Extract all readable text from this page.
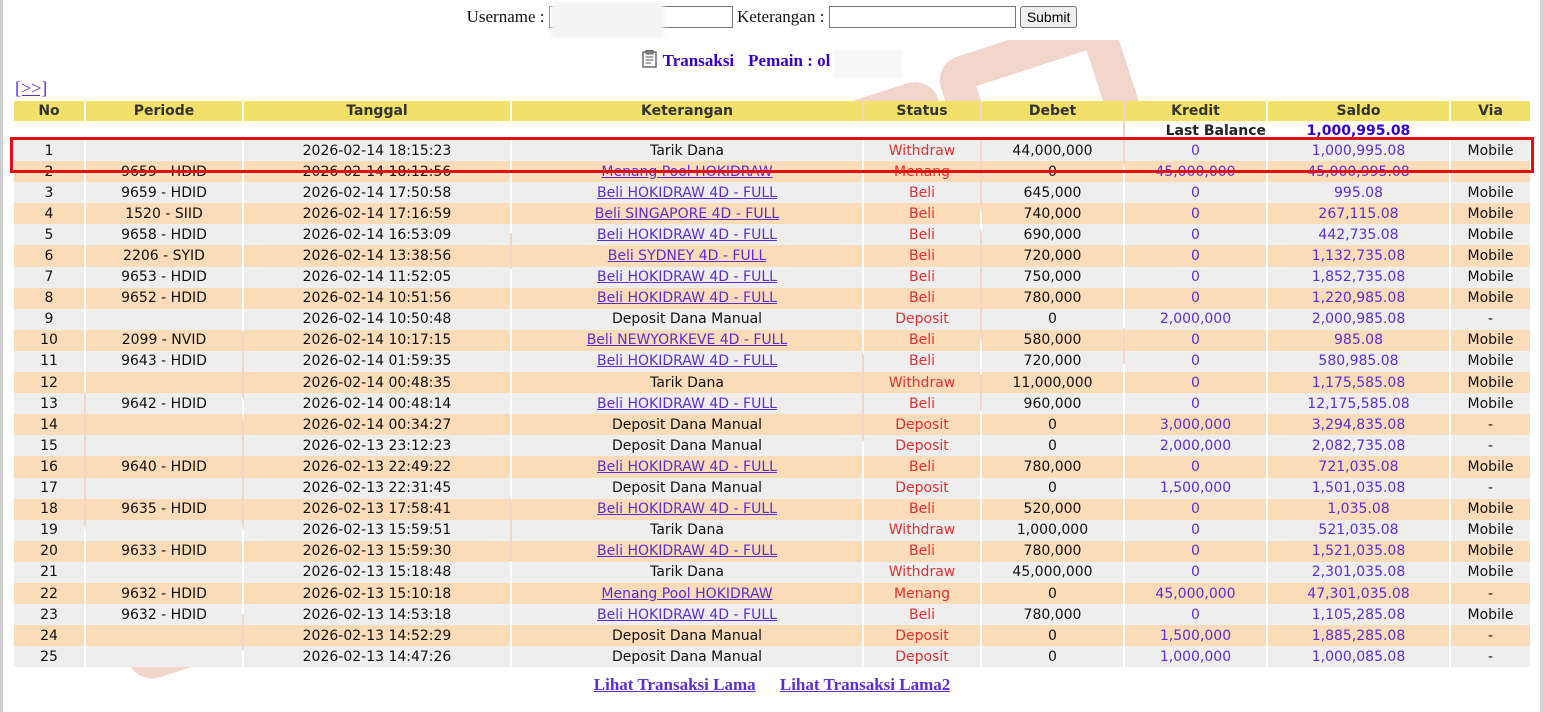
Username :	Keterangan :	Submit
Transaksi Pemain : ol
[>>]
No	Periode	Tanggal	Keterangan	Status	Debet	Kredit	Saldo	Via
						Last Balance	1,000,995.08	
1		2026-02-14 18:15:23	Tarik Dana	Withdraw	44,000,000	0	1,000,995.08	Mobile
2	9659 - HDID	2026-02-14 18:12:56	Menang Pool HOKIDRAW	Menang	0	45,000,000	45,000,995.08	-
3	9659 - HDID	2026-02-14 17:50:58	Beli HOKIDRAW 4D - FULL	Beli	645,000	0	995.08	Mobile
4	1520 - SIID	2026-02-14 17:16:59	Beli SINGAPORE 4D - FULL	Beli	740,000	0	267,115.08	Mobile
5	9658 - HDID	2026-02-14 16:53:09	Beli HOKIDRAW 4D - FULL	Beli	690,000	0	442,735.08	Mobile
6	2206 - SYID	2026-02-14 13:38:56	Beli SYDNEY 4D - FULL	Beli	720,000	0	1,132,735.08	Mobile
7	9653 - HDID	2026-02-14 11:52:05	Beli HOKIDRAW 4D - FULL	Beli	750,000	0	1,852,735.08	Mobile
8	9652 - HDID	2026-02-14 10:51:56	Beli HOKIDRAW 4D - FULL	Beli	780,000	0	1,220,985.08	Mobile
9		2026-02-14 10:50:48	Deposit Dana Manual	Deposit	0	2,000,000	2,000,985.08	-
10	2099 - NVID	2026-02-14 10:17:15	Beli NEWYORKEVE 4D - FULL	Beli	580,000	0	985.08	Mobile
11	9643 - HDID	2026-02-14 01:59:35	Beli HOKIDRAW 4D - FULL	Beli	720,000	0	580,985.08	Mobile
12		2026-02-14 00:48:35	Tarik Dana	Withdraw	11,000,000	0	1,175,585.08	Mobile
13	9642 - HDID	2026-02-14 00:48:14	Beli HOKIDRAW 4D - FULL	Beli	960,000	0	12,175,585.08	Mobile
14		2026-02-14 00:34:27	Deposit Dana Manual	Deposit	0	3,000,000	3,294,835.08	-
15		2026-02-13 23:12:23	Deposit Dana Manual	Deposit	0	2,000,000	2,082,735.08	-
16	9640 - HDID	2026-02-13 22:49:22	Beli HOKIDRAW 4D - FULL	Beli	780,000	0	721,035.08	Mobile
17		2026-02-13 22:31:45	Deposit Dana Manual	Deposit	0	1,500,000	1,501,035.08	-
18	9635 - HDID	2026-02-13 17:58:41	Beli HOKIDRAW 4D - FULL	Beli	520,000	0	1,035.08	Mobile
19		2026-02-13 15:59:51	Tarik Dana	Withdraw	1,000,000	0	521,035.08	Mobile
20	9633 - HDID	2026-02-13 15:59:30	Beli HOKIDRAW 4D - FULL	Beli	780,000	0	1,521,035.08	Mobile
21		2026-02-13 15:18:48	Tarik Dana	Withdraw	45,000,000	0	2,301,035.08	Mobile
22	9632 - HDID	2026-02-13 15:10:18	Menang Pool HOKIDRAW	Menang	0	45,000,000	47,301,035.08	-
23	9632 - HDID	2026-02-13 14:53:18	Beli HOKIDRAW 4D - FULL	Beli	780,000	0	1,105,285.08	Mobile
24		2026-02-13 14:52:29	Deposit Dana Manual	Deposit	0	1,500,000	1,885,285.08	-
25		2026-02-13 14:47:26	Deposit Dana Manual	Deposit	0	1,000,000	1,000,085.08	-
Lihat Transaksi Lama Lihat Transaksi Lama2
